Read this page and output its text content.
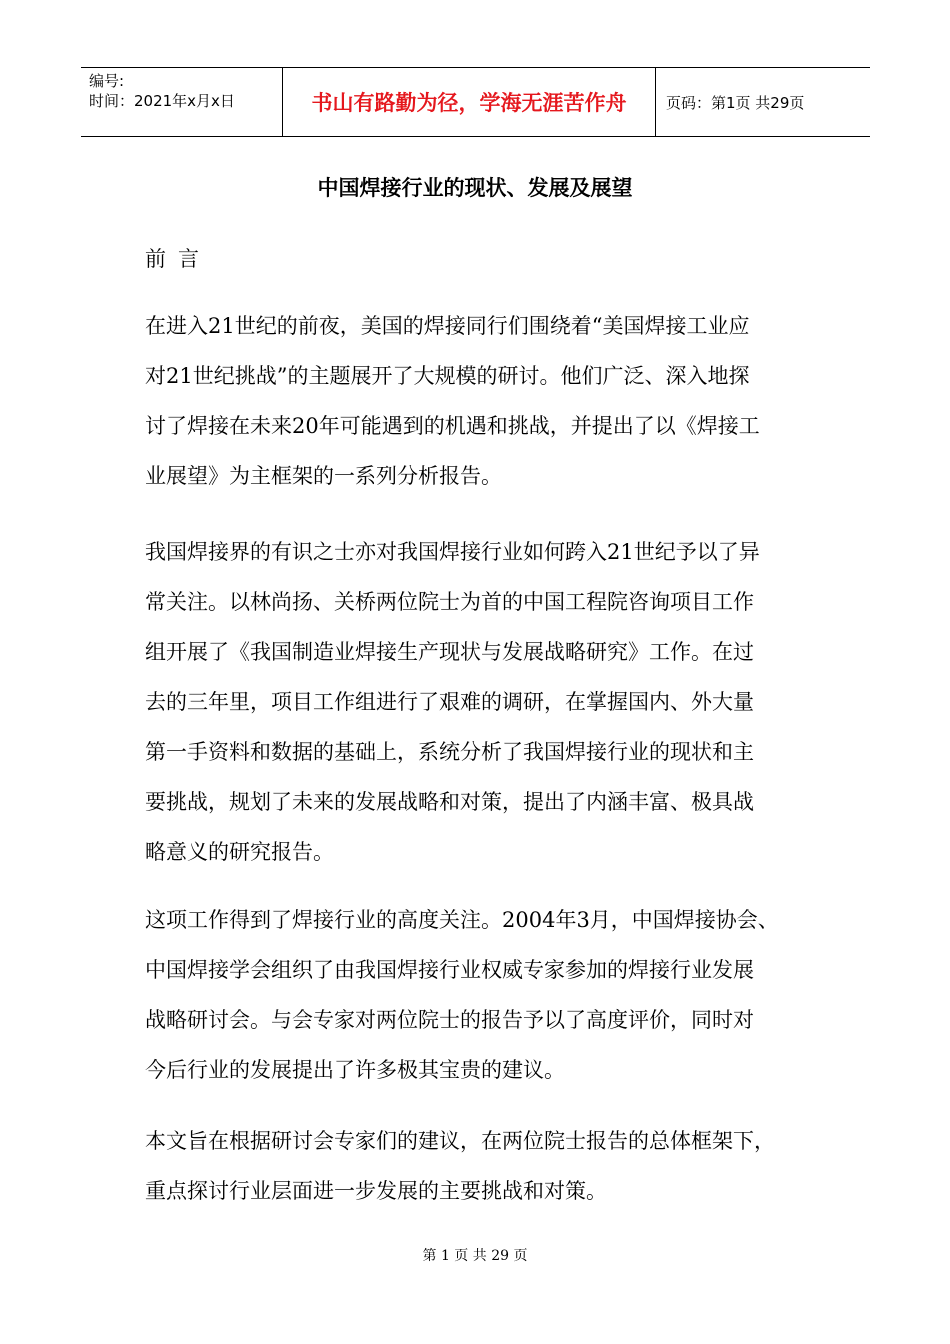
编号:
时间：2021年x月x日	书山有路勤为径，学海无涯苦作舟	页码：第1页 共29页
中国焊接行业的现状、发展及展望
前言
在进入21世纪的前夜，美国的焊接同行们围绕着“美国焊接工业应
对21世纪挑战”的主题展开了大规模的研讨。他们广泛、深入地探
讨了焊接在未来20年可能遇到的机遇和挑战，并提出了以《焊接工
业展望》为主框架的一系列分析报告。
我国焊接界的有识之士亦对我国焊接行业如何跨入21世纪予以了异
常关注。以林尚扬、关桥两位院士为首的中国工程院咨询项目工作
组开展了《我国制造业焊接生产现状与发展战略研究》工作。在过
去的三年里，项目工作组进行了艰难的调研，在掌握国内、外大量
第一手资料和数据的基础上，系统分析了我国焊接行业的现状和主
要挑战，规划了未来的发展战略和对策，提出了内涵丰富、极具战
略意义的研究报告。
这项工作得到了焊接行业的高度关注。2004年3月，中国焊接协会、
中国焊接学会组织了由我国焊接行业权威专家参加的焊接行业发展
战略研讨会。与会专家对两位院士的报告予以了高度评价，同时对
今后行业的发展提出了许多极其宝贵的建议。
本文旨在根据研讨会专家们的建议，在两位院士报告的总体框架下，
重点探讨行业层面进一步发展的主要挑战和对策。
第 1 页 共 29 页
